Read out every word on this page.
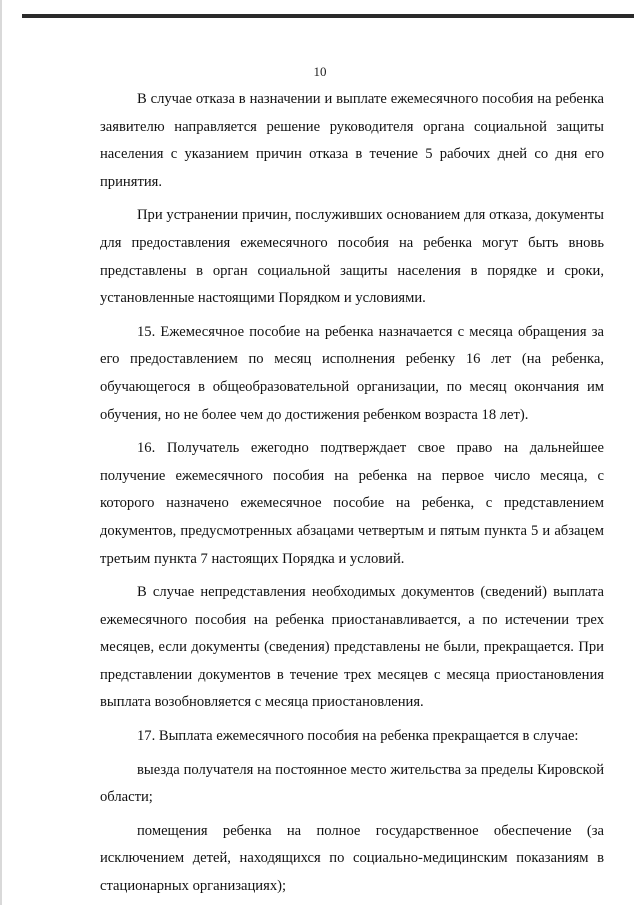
10

В случае отказа в назначении и выплате ежемесячного пособия на ребенка заявителю направляется решение руководителя органа социальной защиты населения с указанием причин отказа в течение 5 рабочих дней со дня его принятия.

При устранении причин, послуживших основанием для отказа, документы для предоставления ежемесячного пособия на ребенка могут быть вновь представлены в орган социальной защиты населения в порядке и сроки, установленные настоящими Порядком и условиями.

15. Ежемесячное пособие на ребенка назначается с месяца обращения за его предоставлением по месяц исполнения ребенку 16 лет (на ребенка, обучающегося в общеобразовательной организации, по месяц окончания им обучения, но не более чем до достижения ребенком возраста 18 лет).

16. Получатель ежегодно подтверждает свое право на дальнейшее получение ежемесячного пособия на ребенка на первое число месяца, с которого назначено ежемесячное пособие на ребенка, с представлением документов, предусмотренных абзацами четвертым и пятым пункта 5 и абзацем третьим пункта 7 настоящих Порядка и условий.

В случае непредставления необходимых документов (сведений) выплата ежемесячного пособия на ребенка приостанавливается, а по истечении трех месяцев, если документы (сведения) представлены не были, прекращается. При представлении документов в течение трех месяцев с месяца приостановления выплата возобновляется с месяца приостановления.

17. Выплата ежемесячного пособия на ребенка прекращается в случае:

выезда получателя на постоянное место жительства за пределы Кировской области;

помещения ребенка на полное государственное обеспечение (за исключением детей, находящихся по социально-медицинским показаниям в стационарных организациях);
